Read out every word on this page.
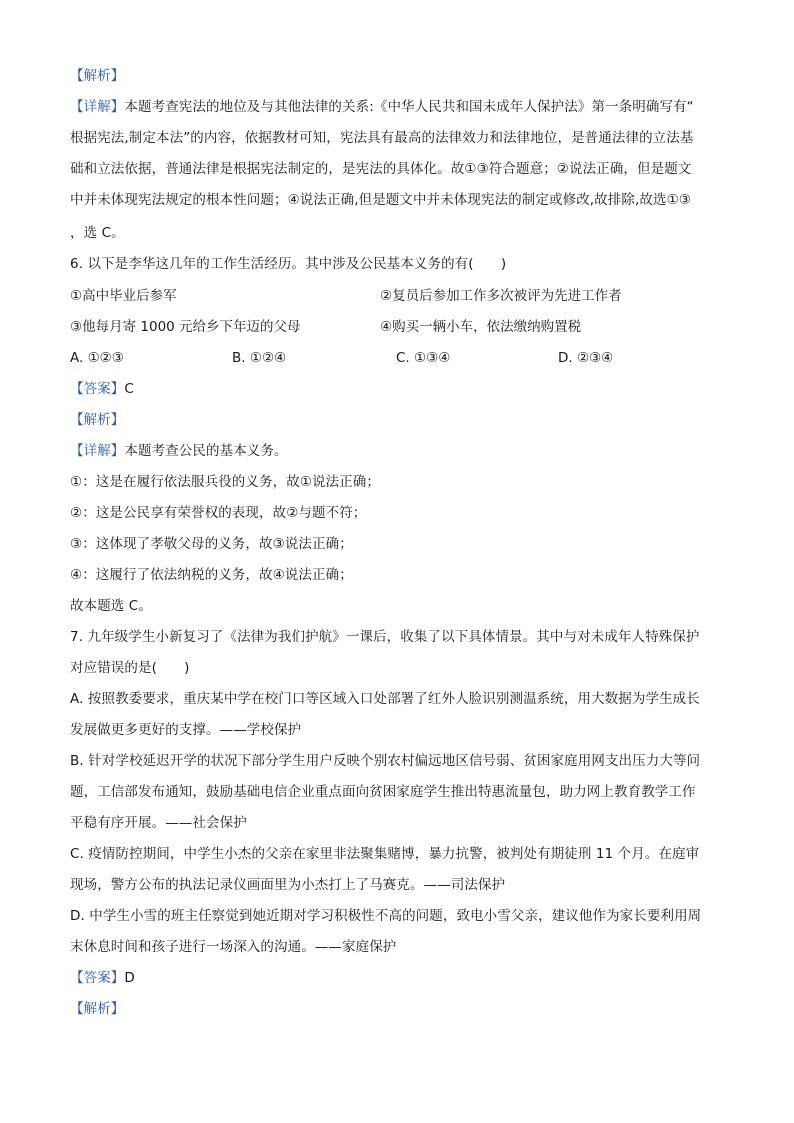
【解析】
【详解】本题考查宪法的地位及与其他法律的关系:《中华人民共和国未成年人保护法》第一条明确写有“
根据宪法,制定本法”的内容，依据教材可知，宪法具有最高的法律效力和法律地位，是普通法律的立法基
础和立法依据，普通法律是根据宪法制定的，是宪法的具体化。故①③符合题意；②说法正确，但是题文
中并未体现宪法规定的根本性问题；④说法正确,但是题文中并未体现宪法的制定或修改,故排除,故选①③
，选 C。
6. 以下是李华这几年的工作生活经历。其中涉及公民基本义务的有(　　)
①高中毕业后参军	②复员后参加工作多次被评为先进工作者
③他每月寄 1000 元给乡下年迈的父母	④购买一辆小车，依法缴纳购置税
A. ①②③	B. ①②④	C. ①③④	D. ②③④
【答案】C
【解析】
【详解】本题考查公民的基本义务。
①：这是在履行依法服兵役的义务，故①说法正确；
②：这是公民享有荣誉权的表现，故②与题不符；
③：这体现了孝敬父母的义务，故③说法正确；
④：这履行了依法纳税的义务，故④说法正确；
故本题选 C。
7. 九年级学生小新复习了《法律为我们护航》一课后，收集了以下具体情景。其中与对未成年人特殊保护
对应错误的是(　　)
A. 按照教委要求，重庆某中学在校门口等区域入口处部署了红外人脸识别测温系统，用大数据为学生成长
发展做更多更好的支撑。——学校保护
B. 针对学校延迟开学的状况下部分学生用户反映个别农村偏远地区信号弱、贫困家庭用网支出压力大等问
题，工信部发布通知，鼓励基础电信企业重点面向贫困家庭学生推出特惠流量包，助力网上教育教学工作
平稳有序开展。——社会保护
C. 疫情防控期间，中学生小杰的父亲在家里非法聚集赌博，暴力抗警，被判处有期徒刑 11 个月。在庭审
现场，警方公布的执法记录仪画面里为小杰打上了马赛克。——司法保护
D. 中学生小雪的班主任察觉到她近期对学习积极性不高的问题，致电小雪父亲，建议他作为家长要利用周
末休息时间和孩子进行一场深入的沟通。——家庭保护
【答案】D
【解析】
